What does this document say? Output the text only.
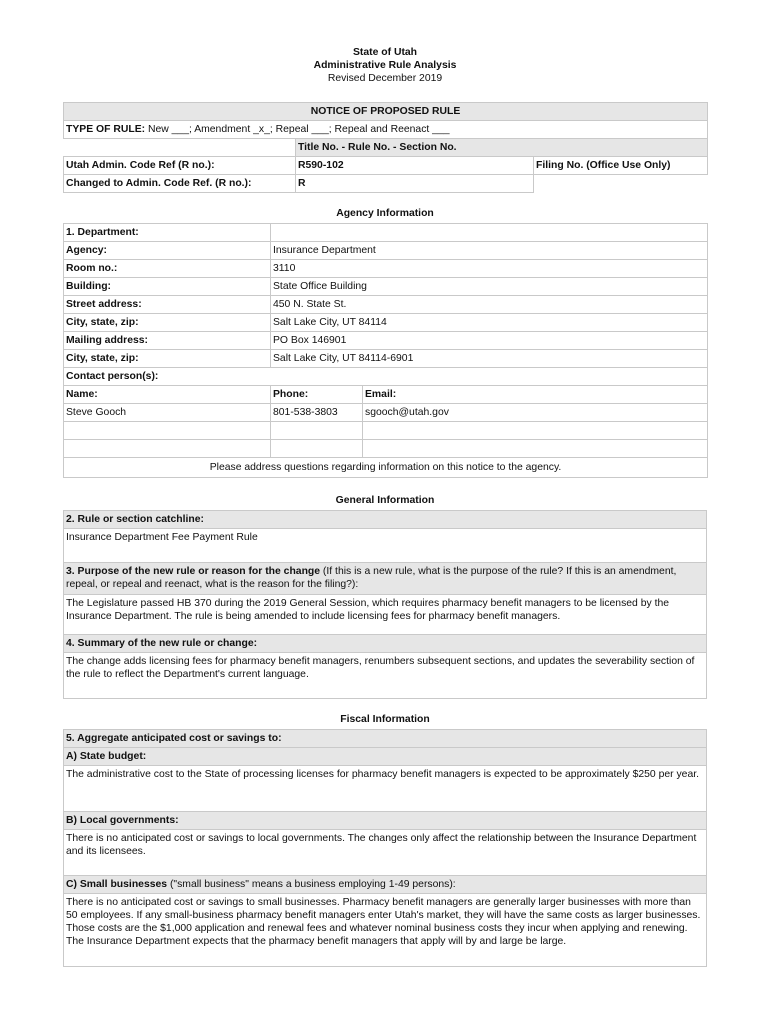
State of Utah
Administrative Rule Analysis
Revised December 2019
NOTICE OF PROPOSED RULE		
TYPE OF RULE: New ___; Amendment _x_; Repeal ___; Repeal and Reenact ___		
	Title No. - Rule No. - Section No.	
Utah Admin. Code Ref (R no.):	R590-102	Filing No. (Office Use Only)
Changed to Admin. Code Ref. (R no.):	R	
Agency Information
1. Department:		
Agency:	Insurance Department	
Room no.:	3110	
Building:	State Office Building	
Street address:	450 N. State St.	
City, state, zip:	Salt Lake City, UT 84114	
Mailing address:	PO Box 146901	
City, state, zip:	Salt Lake City, UT 84114-6901	
Contact person(s):		
Name:	Phone:	Email:
Steve Gooch	801-538-3803	sgooch@utah.gov

Please address questions regarding information on this notice to the agency.		
General Information
2. Rule or section catchline:
Insurance Department Fee Payment Rule
3. Purpose of the new rule or reason for the change (If this is a new rule, what is the purpose of the rule? If this is an amendment, repeal, or repeal and reenact, what is the reason for the filing?):
The Legislature passed HB 370 during the 2019 General Session, which requires pharmacy benefit managers to be licensed by the Insurance Department. The rule is being amended to include licensing fees for pharmacy benefit managers.
4. Summary of the new rule or change:
The change adds licensing fees for pharmacy benefit managers, renumbers subsequent sections, and updates the severability section of the rule to reflect the Department's current language.
Fiscal Information
5. Aggregate anticipated cost or savings to:
A) State budget:
The administrative cost to the State of processing licenses for pharmacy benefit managers is expected to be approximately $250 per year.
B) Local governments:
There is no anticipated cost or savings to local governments. The changes only affect the relationship between the Insurance Department and its licensees.
C) Small businesses ("small business" means a business employing 1-49 persons):
There is no anticipated cost or savings to small businesses. Pharmacy benefit managers are generally larger businesses with more than 50 employees. If any small-business pharmacy benefit managers enter Utah's market, they will have the same costs as larger businesses. Those costs are the $1,000 application and renewal fees and whatever nominal business costs they incur when applying and renewing. The Insurance Department expects that the pharmacy benefit managers that apply will by and large be large.
